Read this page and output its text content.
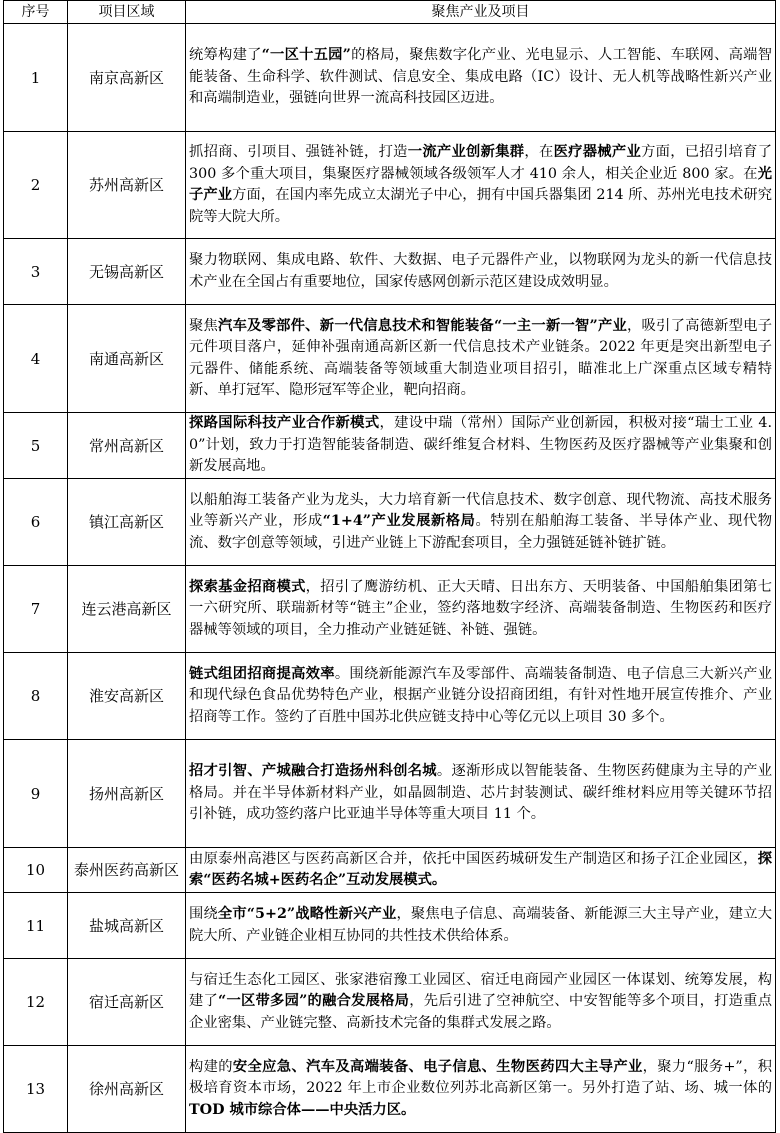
序号	项目区域	聚焦产业及项目
1	南京高新区	统筹构建了“一区十五园”的格局，聚焦数字化产业、光电显示、人工智能、车联网、高端智能装备、生命科学、软件测试、信息安全、集成电路（IC）设计、无人机等战略性新兴产业和高端制造业，强链向世界一流高科技园区迈进。
2	苏州高新区	抓招商、引项目、强链补链，打造一流产业创新集群，在医疗器械产业方面，已招引培育了 300 多个重大项目，集聚医疗器械领域各级领军人才 410 余人，相关企业近 800 家。在光子产业方面，在国内率先成立太湖光子中心，拥有中国兵器集团 214 所、苏州光电技术研究院等大院大所。
3	无锡高新区	聚力物联网、集成电路、软件、大数据、电子元器件产业，以物联网为龙头的新一代信息技术产业在全国占有重要地位，国家传感网创新示范区建设成效明显。
4	南通高新区	聚焦汽车及零部件、新一代信息技术和智能装备“一主一新一智”产业，吸引了高德新型电子元件项目落户，延伸补强南通高新区新一代信息技术产业链条。2022 年更是突出新型电子元器件、储能系统、高端装备等领域重大制造业项目招引，瞄准北上广深重点区域专精特新、单打冠军、隐形冠军等企业，靶向招商。
5	常州高新区	探路国际科技产业合作新模式，建设中瑞（常州）国际产业创新园，积极对接“瑞士工业 4.0”计划，致力于打造智能装备制造、碳纤维复合材料、生物医药及医疗器械等产业集聚和创新发展高地。
6	镇江高新区	以船舶海工装备产业为龙头，大力培育新一代信息技术、数字创意、现代物流、高技术服务业等新兴产业，形成“1+4”产业发展新格局。特别在船舶海工装备、半导体产业、现代物流、数字创意等领域，引进产业链上下游配套项目，全力强链延链补链扩链。
7	连云港高新区	探索基金招商模式，招引了鹰游纺机、正大天晴、日出东方、天明装备、中国船舶集团第七一六研究所、联瑞新材等“链主”企业，签约落地数字经济、高端装备制造、生物医药和医疗器械等领域的项目，全力推动产业链延链、补链、强链。
8	淮安高新区	链式组团招商提高效率。围绕新能源汽车及零部件、高端装备制造、电子信息三大新兴产业和现代绿色食品优势特色产业，根据产业链分设招商团组，有针对性地开展宣传推介、产业招商等工作。签约了百胜中国苏北供应链支持中心等亿元以上项目 30 多个。
9	扬州高新区	招才引智、产城融合打造扬州科创名城。逐渐形成以智能装备、生物医药健康为主导的产业格局。并在半导体新材料产业，如晶圆制造、芯片封装测试、碳纤维材料应用等关键环节招引补链，成功签约落户比亚迪半导体等重大项目 11 个。
10	泰州医药高新区	由原泰州高港区与医药高新区合并，依托中国医药城研发生产制造区和扬子江企业园区，探索“医药名城+医药名企”互动发展模式。
11	盐城高新区	围绕全市“5+2”战略性新兴产业，聚焦电子信息、高端装备、新能源三大主导产业，建立大院大所、产业链企业相互协同的共性技术供给体系。
12	宿迁高新区	与宿迁生态化工园区、张家港宿豫工业园区、宿迁电商园产业园区一体谋划、统筹发展，构建了“一区带多园”的融合发展格局，先后引进了空神航空、中安智能等多个项目，打造重点企业密集、产业链完整、高新技术完备的集群式发展之路。
13	徐州高新区	构建的安全应急、汽车及高端装备、电子信息、生物医药四大主导产业，聚力“服务+”，积极培育资本市场，2022 年上市企业数位列苏北高新区第一。另外打造了站、场、城一体的 TOD 城市综合体——中央活力区。
